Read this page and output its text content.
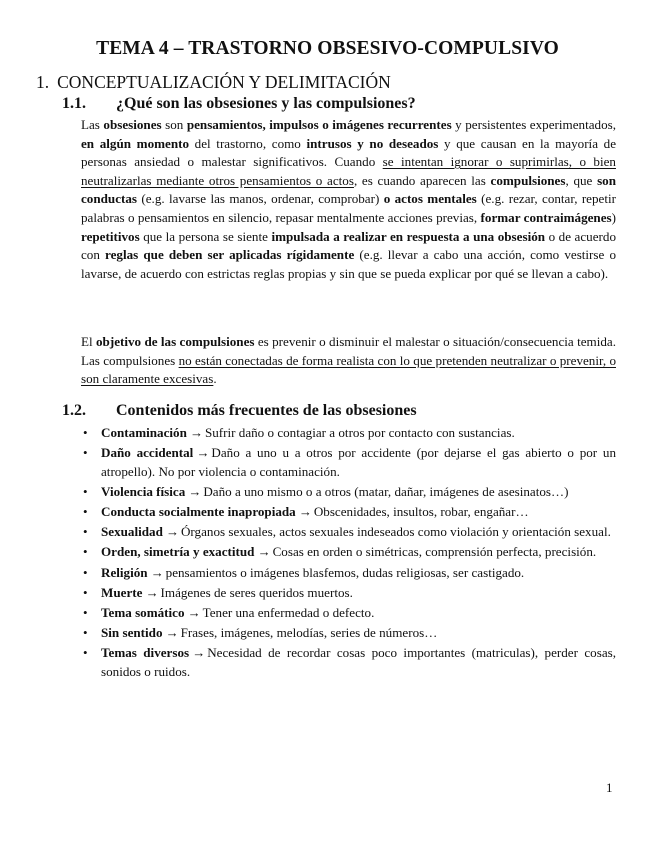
TEMA 4 – TRASTORNO OBSESIVO-COMPULSIVO
1. CONCEPTUALIZACIÓN Y DELIMITACIÓN
1.1. ¿Qué son las obsesiones y las compulsiones?

Las obsesiones son pensamientos, impulsos o imágenes recurrentes y persistentes experimentados, en algún momento del trastorno, como intrusos y no deseados y que causan en la mayoría de personas ansiedad o malestar significativos. Cuando se intentan ignorar o suprimirlas, o bien neutralizarlas mediante otros pensamientos o actos, es cuando aparecen las compulsiones, que son conductas (e.g. lavarse las manos, ordenar, comprobar) o actos mentales (e.g. rezar, contar, repetir palabras o pensamientos en silencio, repasar mentalmente acciones previas, formar contraimágenes) repetitivos que la persona se siente impulsada a realizar en respuesta a una obsesión o de acuerdo con reglas que deben ser aplicadas rígidamente (e.g. llevar a cabo una acción, como vestirse o lavarse, de acuerdo con estrictas reglas propias y sin que se pueda explicar por qué se llevan a cabo).

El objetivo de las compulsiones es prevenir o disminuir el malestar o situación/consecuencia temida. Las compulsiones no están conectadas de forma realista con lo que pretenden neutralizar o prevenir, o son claramente excesivas.

1.2. Contenidos más frecuentes de las obsesiones
• Contaminación → Sufrir daño o contagiar a otros por contacto con sustancias.
• Daño accidental → Daño a uno u a otros por accidente (por dejarse el gas abierto o por un atropello). No por violencia o contaminación.
• Violencia física → Daño a uno mismo o a otros (matar, dañar, imágenes de asesinatos…)
• Conducta socialmente inapropiada → Obscenidades, insultos, robar, engañar…
• Sexualidad → Órganos sexuales, actos sexuales indeseados como violación y orientación sexual.
• Orden, simetría y exactitud → Cosas en orden o simétricas, comprensión perfecta, precisión.
• Religión → pensamientos o imágenes blasfemos, dudas religiosas, ser castigado.
• Muerte → Imágenes de seres queridos muertos.
• Tema somático → Tener una enfermedad o defecto.
• Sin sentido → Frases, imágenes, melodías, series de números…
• Temas diversos → Necesidad de recordar cosas poco importantes (matriculas), perder cosas, sonidos o ruidos.
1
